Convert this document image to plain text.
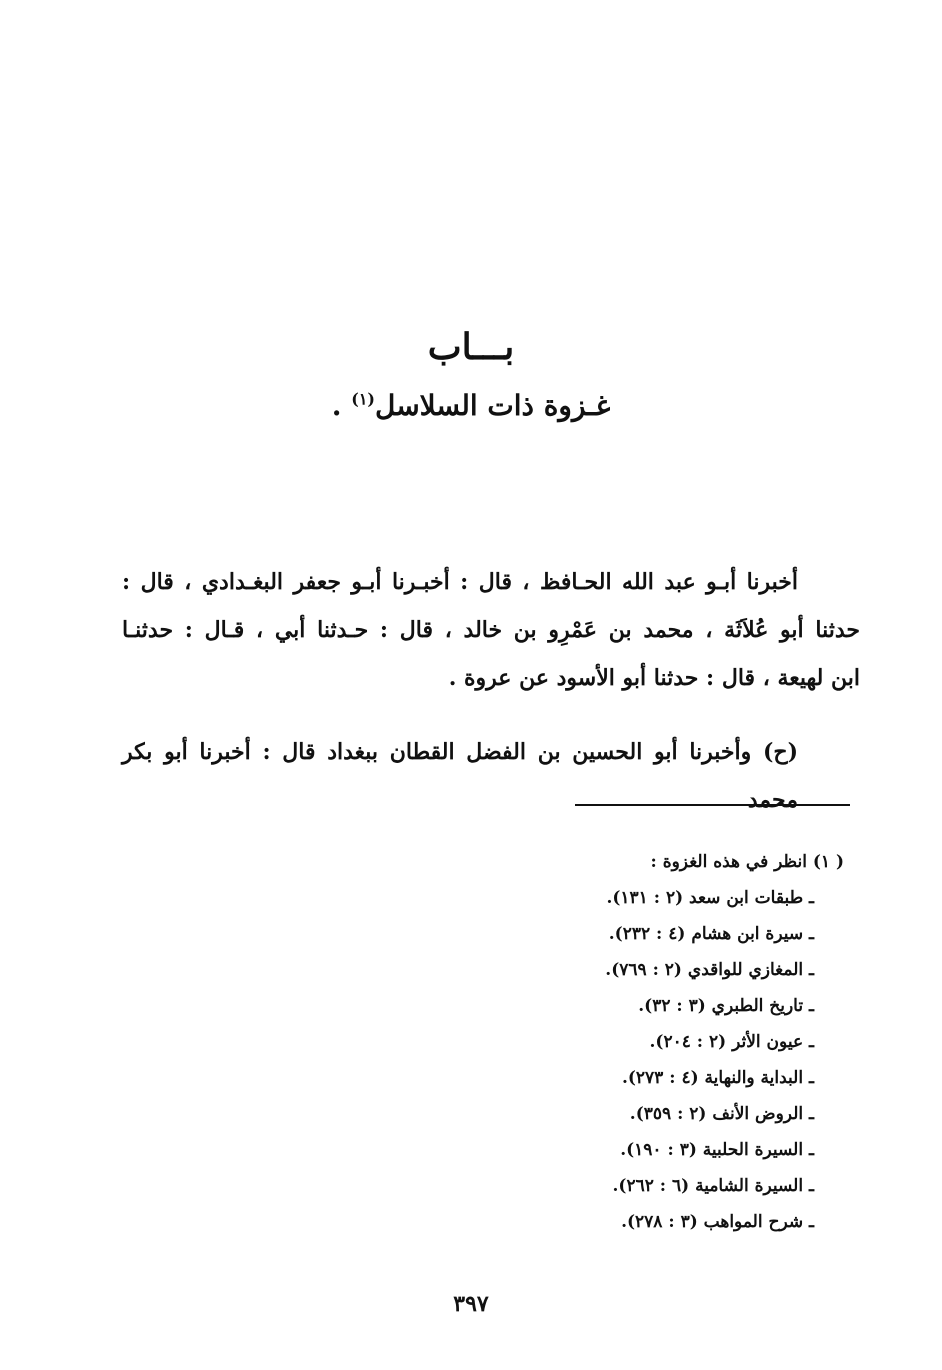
بـــاب
غـزوة ذات السلاسل$^{(١)}$ .
أخبرنا أبـو عبد الله الحـافظ ، قال : أخبـرنا أبـو جعفر البغـدادي ، قال :
حدثنا أبو عُلاَثَة ، محمد بن عَمْرِو بن خالد ، قال : حـدثنا أبي ، قـال : حدثنـا
ابن لهيعة ، قال : حدثنا أبو الأسود عن عروة .
(ح) وأخبرنا أبو الحسين بن الفضل القطان ببغداد قال : أخبرنا أبو بكر محمد
( ١) انظر في هذه الغزوة :
ـ طبقات ابن سعد (٢ : ١٣١).
ـ سيرة ابن هشام (٤ : ٢٣٢).
ـ المغازي للواقدي (٢ : ٧٦٩).
ـ تاريخ الطبري (٣ : ٣٢).
ـ عيون الأثر (٢ : ٢٠٤).
ـ البداية والنهاية (٤ : ٢٧٣).
ـ الروض الأنف (٢ : ٣٥٩).
ـ السيرة الحلبية (٣ : ١٩٠).
ـ السيرة الشامية (٦ : ٢٦٢).
ـ شرح المواهب (٣ : ٢٧٨).
٣٩٧
